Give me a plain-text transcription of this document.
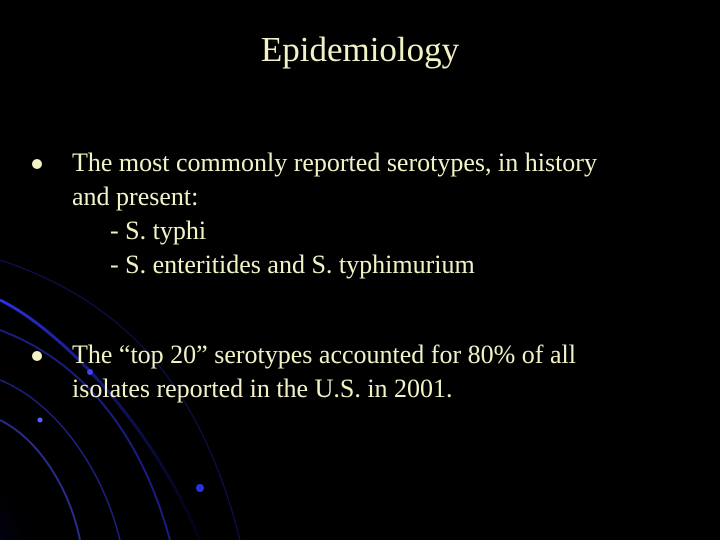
Epidemiology
The most commonly reported serotypes, in history
and present:
- S. typhi
- S. enteritides and S. typhimurium
The “top 20” serotypes accounted for 80% of all
isolates reported in the U.S. in 2001.
